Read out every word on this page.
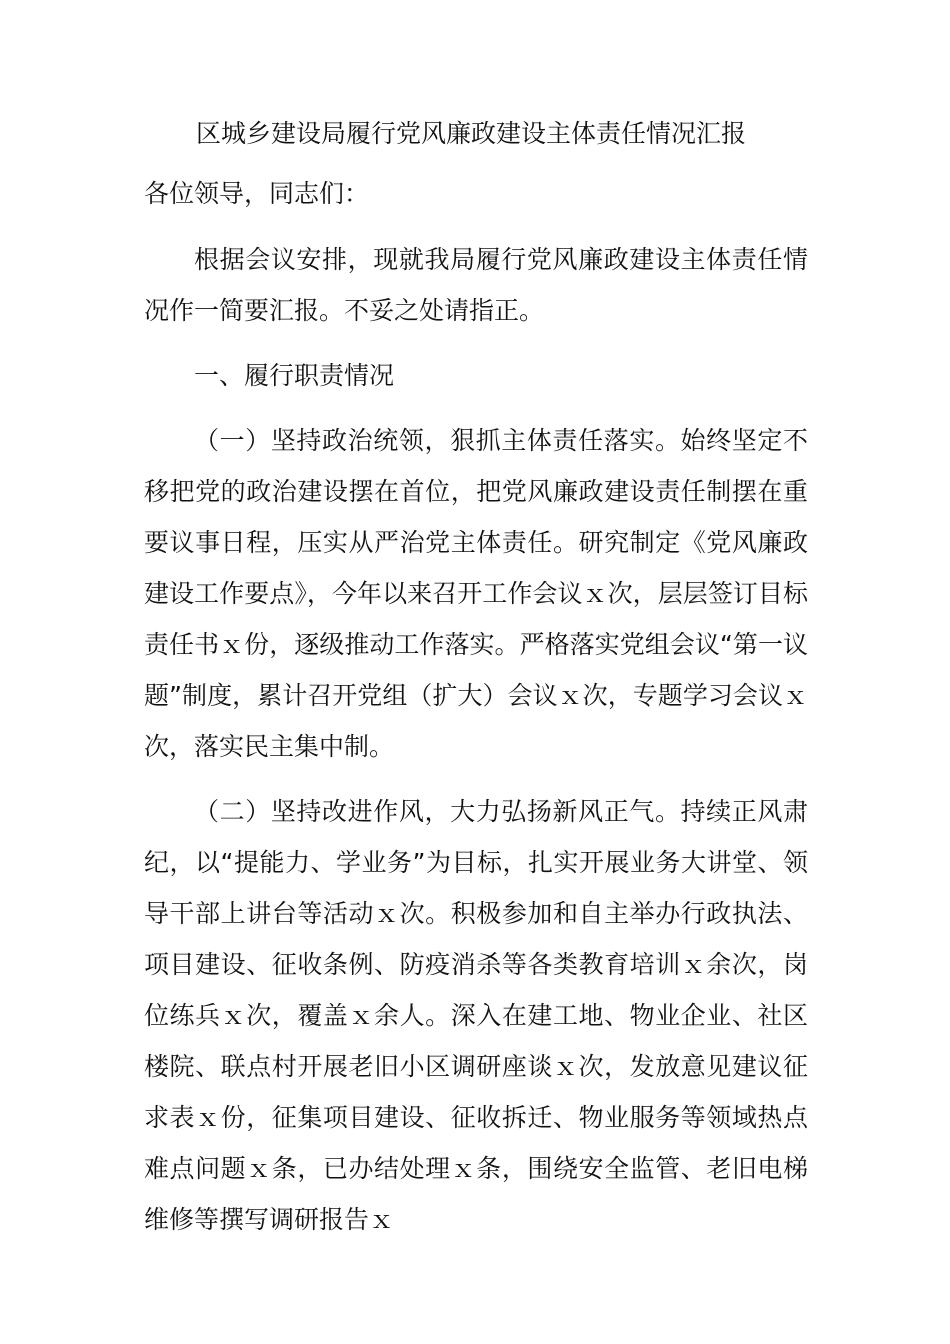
区城乡建设局履行党风廉政建设主体责任情况汇报

各位领导，同志们：

根据会议安排，现就我局履行党风廉政建设主体责任情况作一简要汇报。不妥之处请指正。

一、履行职责情况

（一）坚持政治统领，狠抓主体责任落实。始终坚定不移把党的政治建设摆在首位，把党风廉政建设责任制摆在重要议事日程，压实从严治党主体责任。研究制定《党风廉政建设工作要点》，今年以来召开工作会议ｘ次，层层签订目标责任书ｘ份，逐级推动工作落实。严格落实党组会议“第一议题”制度，累计召开党组（扩大）会议ｘ次，专题学习会议ｘ次，落实民主集中制。

（二）坚持改进作风，大力弘扬新风正气。持续正风肃纪，以“提能力、学业务”为目标，扎实开展业务大讲堂、领导干部上讲台等活动ｘ次。积极参加和自主举办行政执法、项目建设、征收条例、防疫消杀等各类教育培训ｘ余次，岗位练兵ｘ次，覆盖ｘ余人。深入在建工地、物业企业、社区楼院、联点村开展老旧小区调研座谈ｘ次，发放意见建议征求表ｘ份，征集项目建设、征收拆迁、物业服务等领域热点难点问题ｘ条，已办结处理ｘ条，围绕安全监管、老旧电梯维修等撰写调研报告ｘ
